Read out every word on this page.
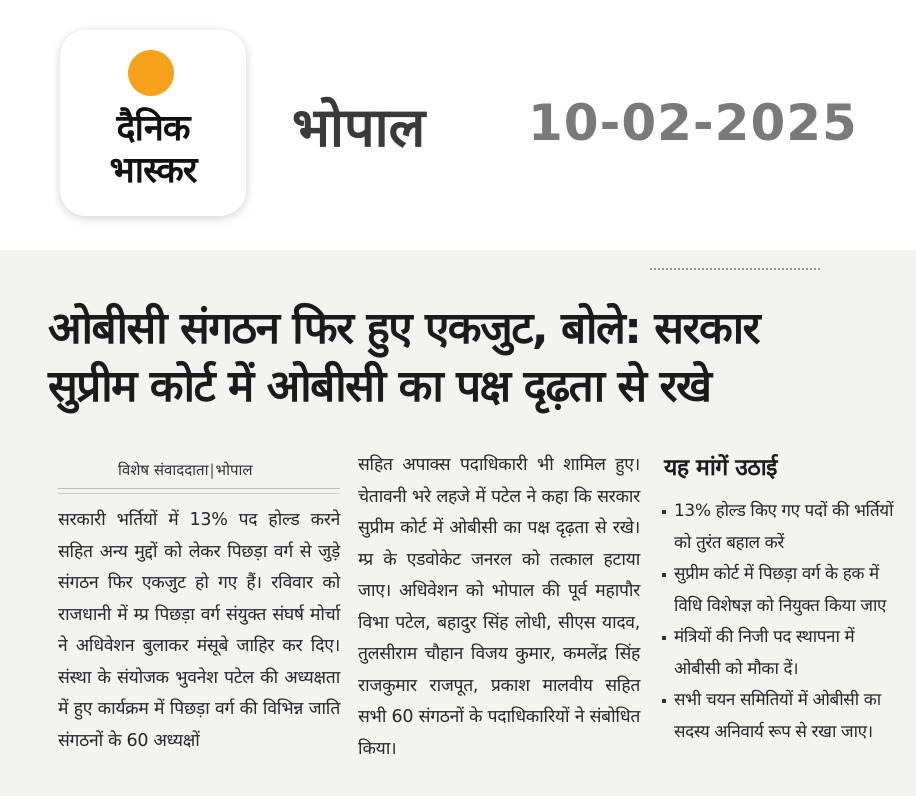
दैनिक
भास्कर
भोपाल 10-02-2025
ओबीसी संगठन फिर हुए एकजुट, बोले: सरकार
सुप्रीम कोर्ट में ओबीसी का पक्ष दृढ़ता से रखे
विशेष संवाददाता|भोपाल

सरकारी भर्तियों में 13% पद होल्ड करने सहित अन्य मुद्दों को लेकर पिछड़ा वर्ग से जुड़े संगठन फिर एकजुट हो गए हैं। रविवार को राजधानी में म्प्र पिछड़ा वर्ग संयुक्त संघर्ष मोर्चा ने अधिवेशन बुलाकर मंसूबे जाहिर कर दिए। संस्था के संयोजक भुवनेश पटेल की अध्यक्षता में हुए कार्यक्रम में पिछड़ा वर्ग की विभिन्न जाति संगठनों के 60 अध्यक्षों

सहित अपाक्स पदाधिकारी भी शामिल हुए। चेतावनी भरे लहजे में पटेल ने कहा कि सरकार सुप्रीम कोर्ट में ओबीसी का पक्ष दृढ़ता से रखे। म्प्र के एडवोकेट जनरल को तत्काल हटाया जाए। अधिवेशन को भोपाल की पूर्व महापौर विभा पटेल, बहादुर सिंह लोधी, सीएस यादव, तुलसीराम चौहान विजय कुमार, कमलेंद्र सिंह राजकुमार राजपूत, प्रकाश मालवीय सहित सभी 60 संगठनों के पदाधिकारियों ने संबोधित किया।

यह मांगें उठाई
13% होल्ड किए गए पदों की भर्तियों को तुरंत बहाल करें
सुप्रीम कोर्ट में पिछड़ा वर्ग के हक में विधि विशेषज्ञ को नियुक्त किया जाए
मंत्रियों की निजी पद स्थापना में ओबीसी को मौका दें।
सभी चयन समितियों में ओबीसी का सदस्य अनिवार्य रूप से रखा जाए।
